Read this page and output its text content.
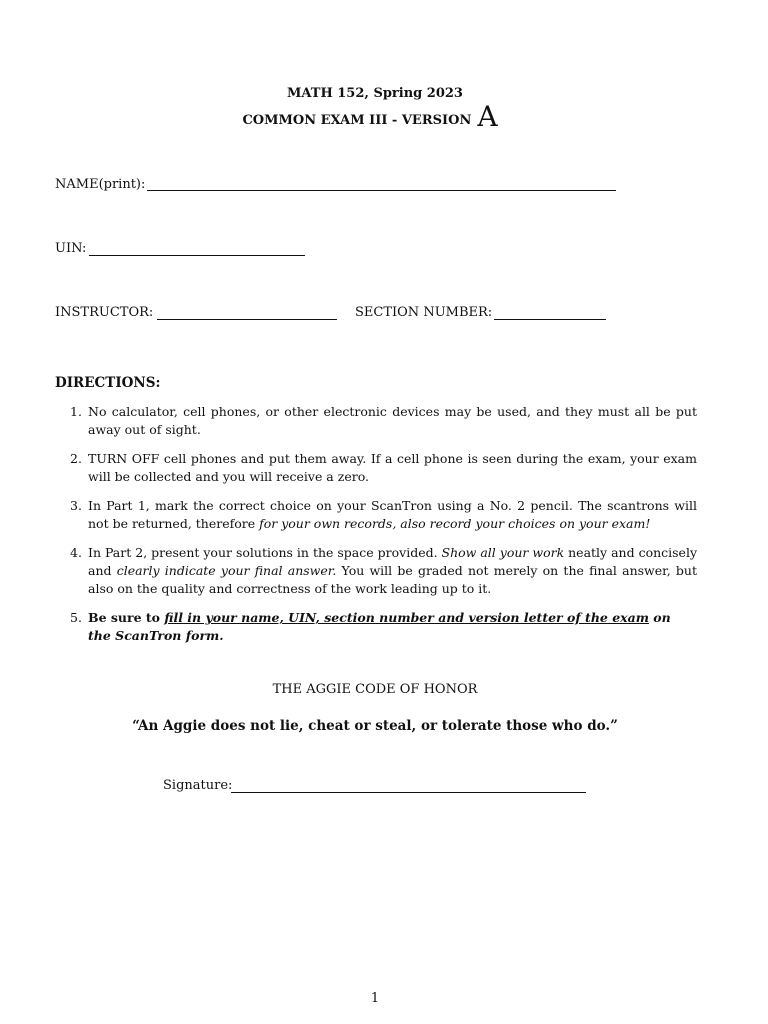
MATH 152, Spring 2023
COMMON EXAM III - VERSION A
NAME(print):
UIN:
INSTRUCTOR:	SECTION NUMBER:
DIRECTIONS:
1. No calculator, cell phones, or other electronic devices may be used, and they must all be put away out of sight.
2. TURN OFF cell phones and put them away. If a cell phone is seen during the exam, your exam will be collected and you will receive a zero.
3. In Part 1, mark the correct choice on your ScanTron using a No. 2 pencil. The scantrons will not be returned, therefore for your own records, also record your choices on your exam!
4. In Part 2, present your solutions in the space provided. Show all your work neatly and concisely and clearly indicate your final answer. You will be graded not merely on the final answer, but also on the quality and correctness of the work leading up to it.
5. Be sure to fill in your name, UIN, section number and version letter of the exam on the ScanTron form.
THE AGGIE CODE OF HONOR
“An Aggie does not lie, cheat or steal, or tolerate those who do.”
Signature:
1
